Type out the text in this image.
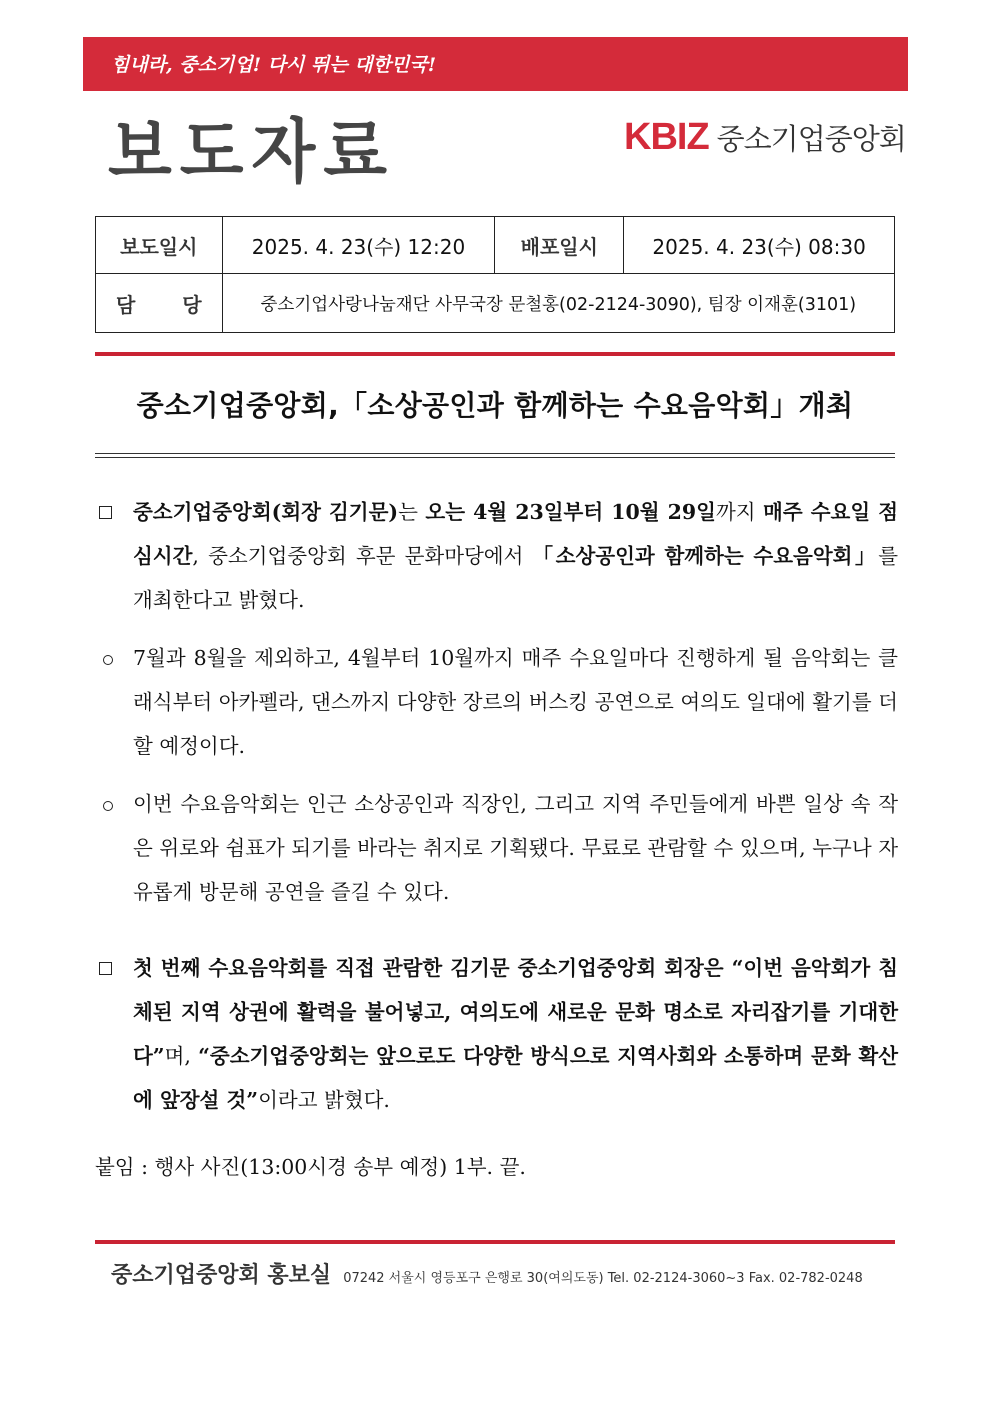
힘내라, 중소기업! 다시 뛰는 대한민국!
보도자료	KBIZ 중소기업중앙회
보도일시	2025. 4. 23(수) 12:20	배포일시	2025. 4. 23(수) 08:30

담 당	중소기업사랑나눔재단 사무국장 문철홍(02-2124-3090), 팀장 이재훈(3101)		
중소기업중앙회,「소상공인과 함께하는 수요음악회」개최
중소기업중앙회(회장 김기문)는 오는 4월 23일부터 10월 29일까지 매주 수요일 점심시간, 중소기업중앙회 후문 문화마당에서 「소상공인과 함께하는 수요음악회」를 개최한다고 밝혔다.
7월과 8월을 제외하고, 4월부터 10월까지 매주 수요일마다 진행하게 될 음악회는 클래식부터 아카펠라, 댄스까지 다양한 장르의 버스킹 공연으로 여의도 일대에 활기를 더할 예정이다.
이번 수요음악회는 인근 소상공인과 직장인, 그리고 지역 주민들에게 바쁜 일상 속 작은 위로와 쉼표가 되기를 바라는 취지로 기획됐다. 무료로 관람할 수 있으며, 누구나 자유롭게 방문해 공연을 즐길 수 있다.
첫 번째 수요음악회를 직접 관람한 김기문 중소기업중앙회 회장은 “이번 음악회가 침체된 지역 상권에 활력을 불어넣고, 여의도에 새로운 문화 명소로 자리잡기를 기대한다”며, “중소기업중앙회는 앞으로도 다양한 방식으로 지역사회와 소통하며 문화 확산에 앞장설 것”이라고 밝혔다.
붙임 : 행사 사진(13:00시경 송부 예정) 1부. 끝.
중소기업중앙회 홍보실 07242 서울시 영등포구 은행로 30(여의도동) Tel. 02-2124-3060~3 Fax. 02-782-0248
